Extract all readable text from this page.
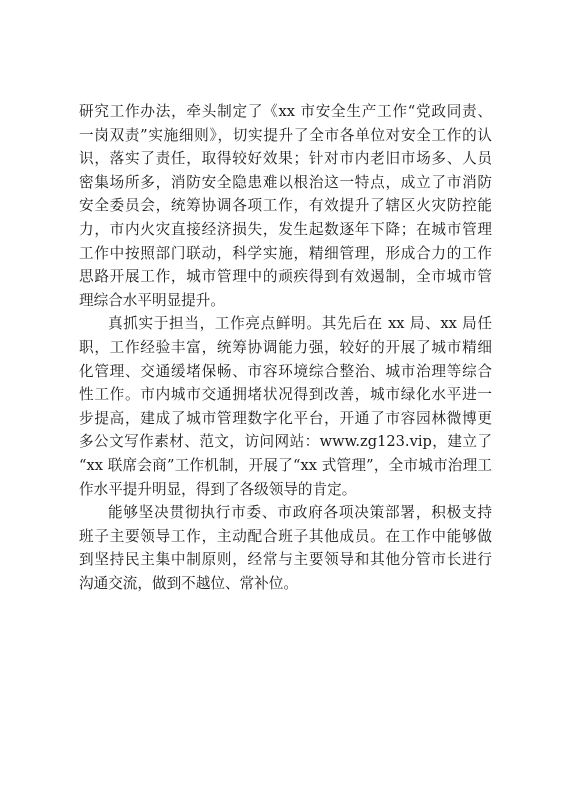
研究工作办法，牵头制定了《xx 市安全生产工作“党政同责、
一岗双责”实施细则》，切实提升了全市各单位对安全工作的认
识，落实了责任，取得较好效果；针对市内老旧市场多、人员
密集场所多，消防安全隐患难以根治这一特点，成立了市消防
安全委员会，统筹协调各项工作，有效提升了辖区火灾防控能
力，市内火灾直接经济损失，发生起数逐年下降；在城市管理
工作中按照部门联动，科学实施，精细管理，形成合力的工作
思路开展工作，城市管理中的顽疾得到有效遏制，全市城市管
理综合水平明显提升。
真抓实于担当，工作亮点鲜明。其先后在 xx 局、xx 局任
职，工作经验丰富，统筹协调能力强，较好的开展了城市精细
化管理、交通缓堵保畅、市容环境综合整治、城市治理等综合
性工作。市内城市交通拥堵状况得到改善，城市绿化水平进一
步提高，建成了城市管理数字化平台，开通了市容园林微博更
多公文写作素材、范文，访问网站：www.zg123.vip，建立了
“xx 联席会商”工作机制，开展了“xx 式管理”，全市城市治理工
作水平提升明显，得到了各级领导的肯定。
能够坚决贯彻执行市委、市政府各项决策部署，积极支持
班子主要领导工作，主动配合班子其他成员。在工作中能够做
到坚持民主集中制原则，经常与主要领导和其他分管市长进行
沟通交流，做到不越位、常补位。
